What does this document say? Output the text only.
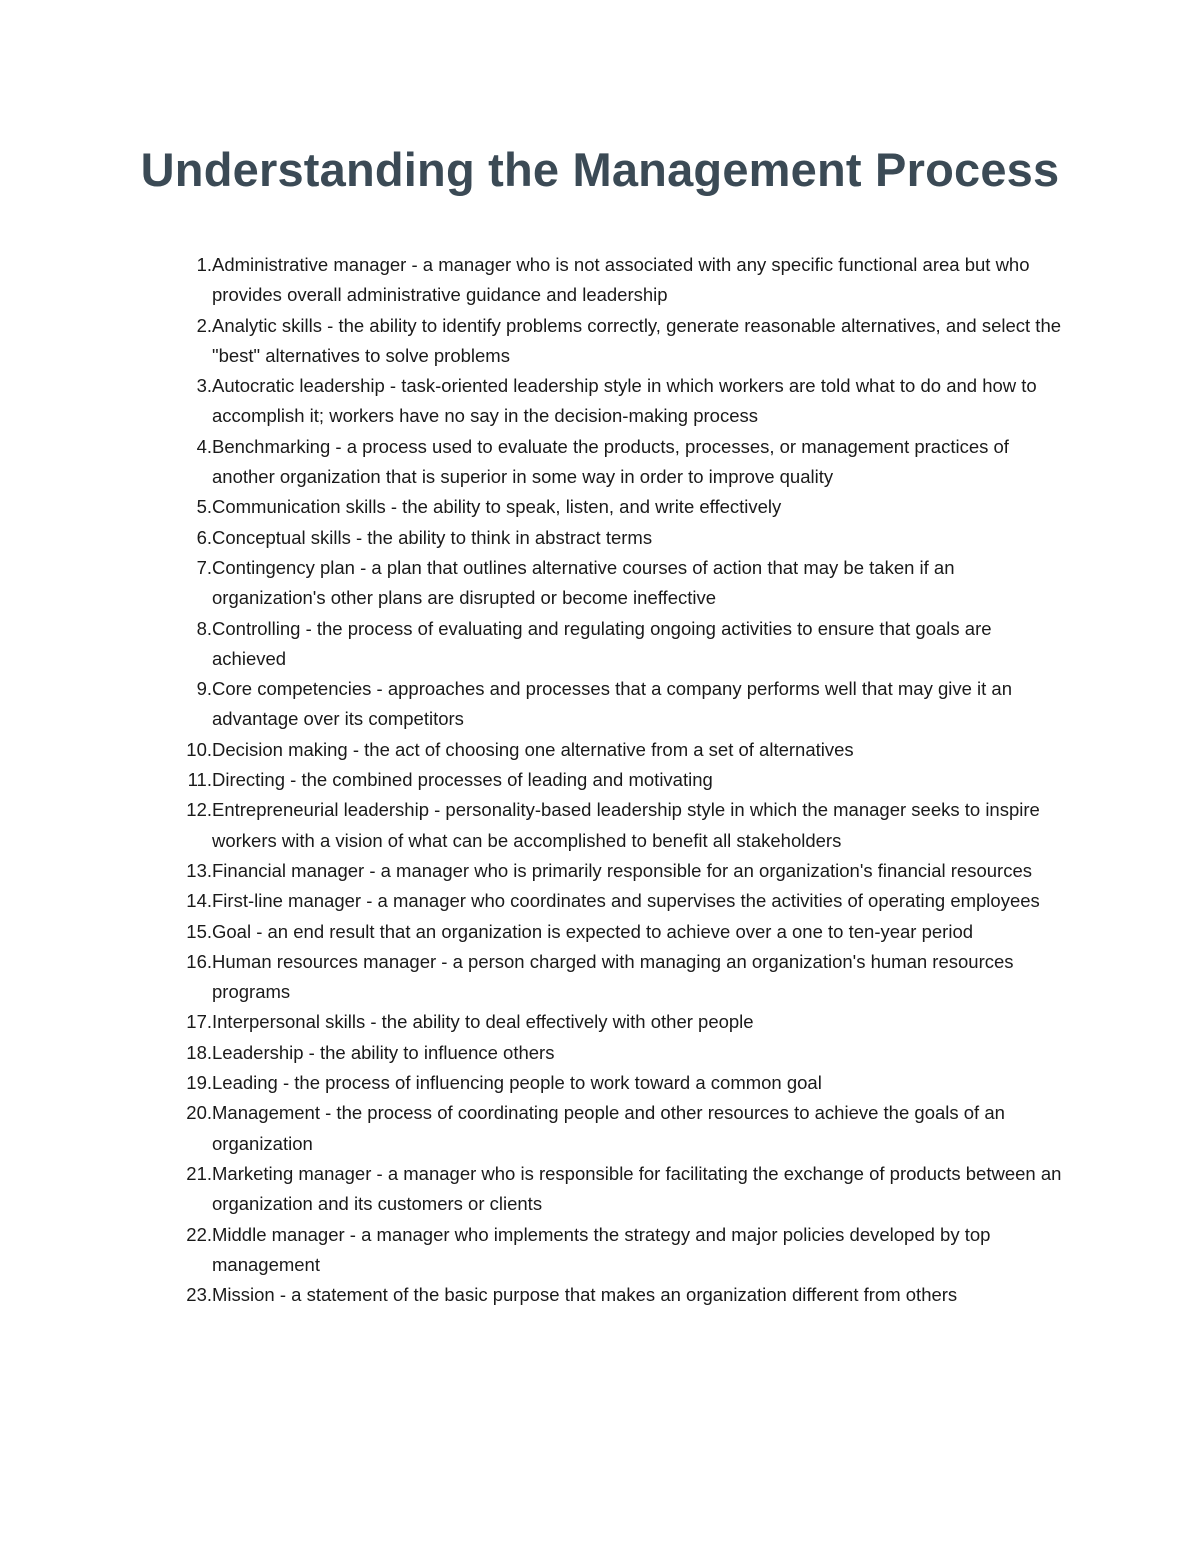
Understanding the Management Process
1. Administrative manager - a manager who is not associated with any specific functional area but who provides overall administrative guidance and leadership
2. Analytic skills - the ability to identify problems correctly, generate reasonable alternatives, and select the "best" alternatives to solve problems
3. Autocratic leadership - task-oriented leadership style in which workers are told what to do and how to accomplish it; workers have no say in the decision-making process
4. Benchmarking - a process used to evaluate the products, processes, or management practices of another organization that is superior in some way in order to improve quality
5. Communication skills - the ability to speak, listen, and write effectively
6. Conceptual skills - the ability to think in abstract terms
7. Contingency plan - a plan that outlines alternative courses of action that may be taken if an organization's other plans are disrupted or become ineffective
8. Controlling - the process of evaluating and regulating ongoing activities to ensure that goals are achieved
9. Core competencies - approaches and processes that a company performs well that may give it an advantage over its competitors
10. Decision making - the act of choosing one alternative from a set of alternatives
11. Directing - the combined processes of leading and motivating
12. Entrepreneurial leadership - personality-based leadership style in which the manager seeks to inspire workers with a vision of what can be accomplished to benefit all stakeholders
13. Financial manager - a manager who is primarily responsible for an organization's financial resources
14. First-line manager - a manager who coordinates and supervises the activities of operating employees
15. Goal - an end result that an organization is expected to achieve over a one to ten-year period
16. Human resources manager - a person charged with managing an organization's human resources programs
17. Interpersonal skills - the ability to deal effectively with other people
18. Leadership - the ability to influence others
19. Leading - the process of influencing people to work toward a common goal
20. Management - the process of coordinating people and other resources to achieve the goals of an organization
21. Marketing manager - a manager who is responsible for facilitating the exchange of products between an organization and its customers or clients
22. Middle manager - a manager who implements the strategy and major policies developed by top management
23. Mission - a statement of the basic purpose that makes an organization different from others
